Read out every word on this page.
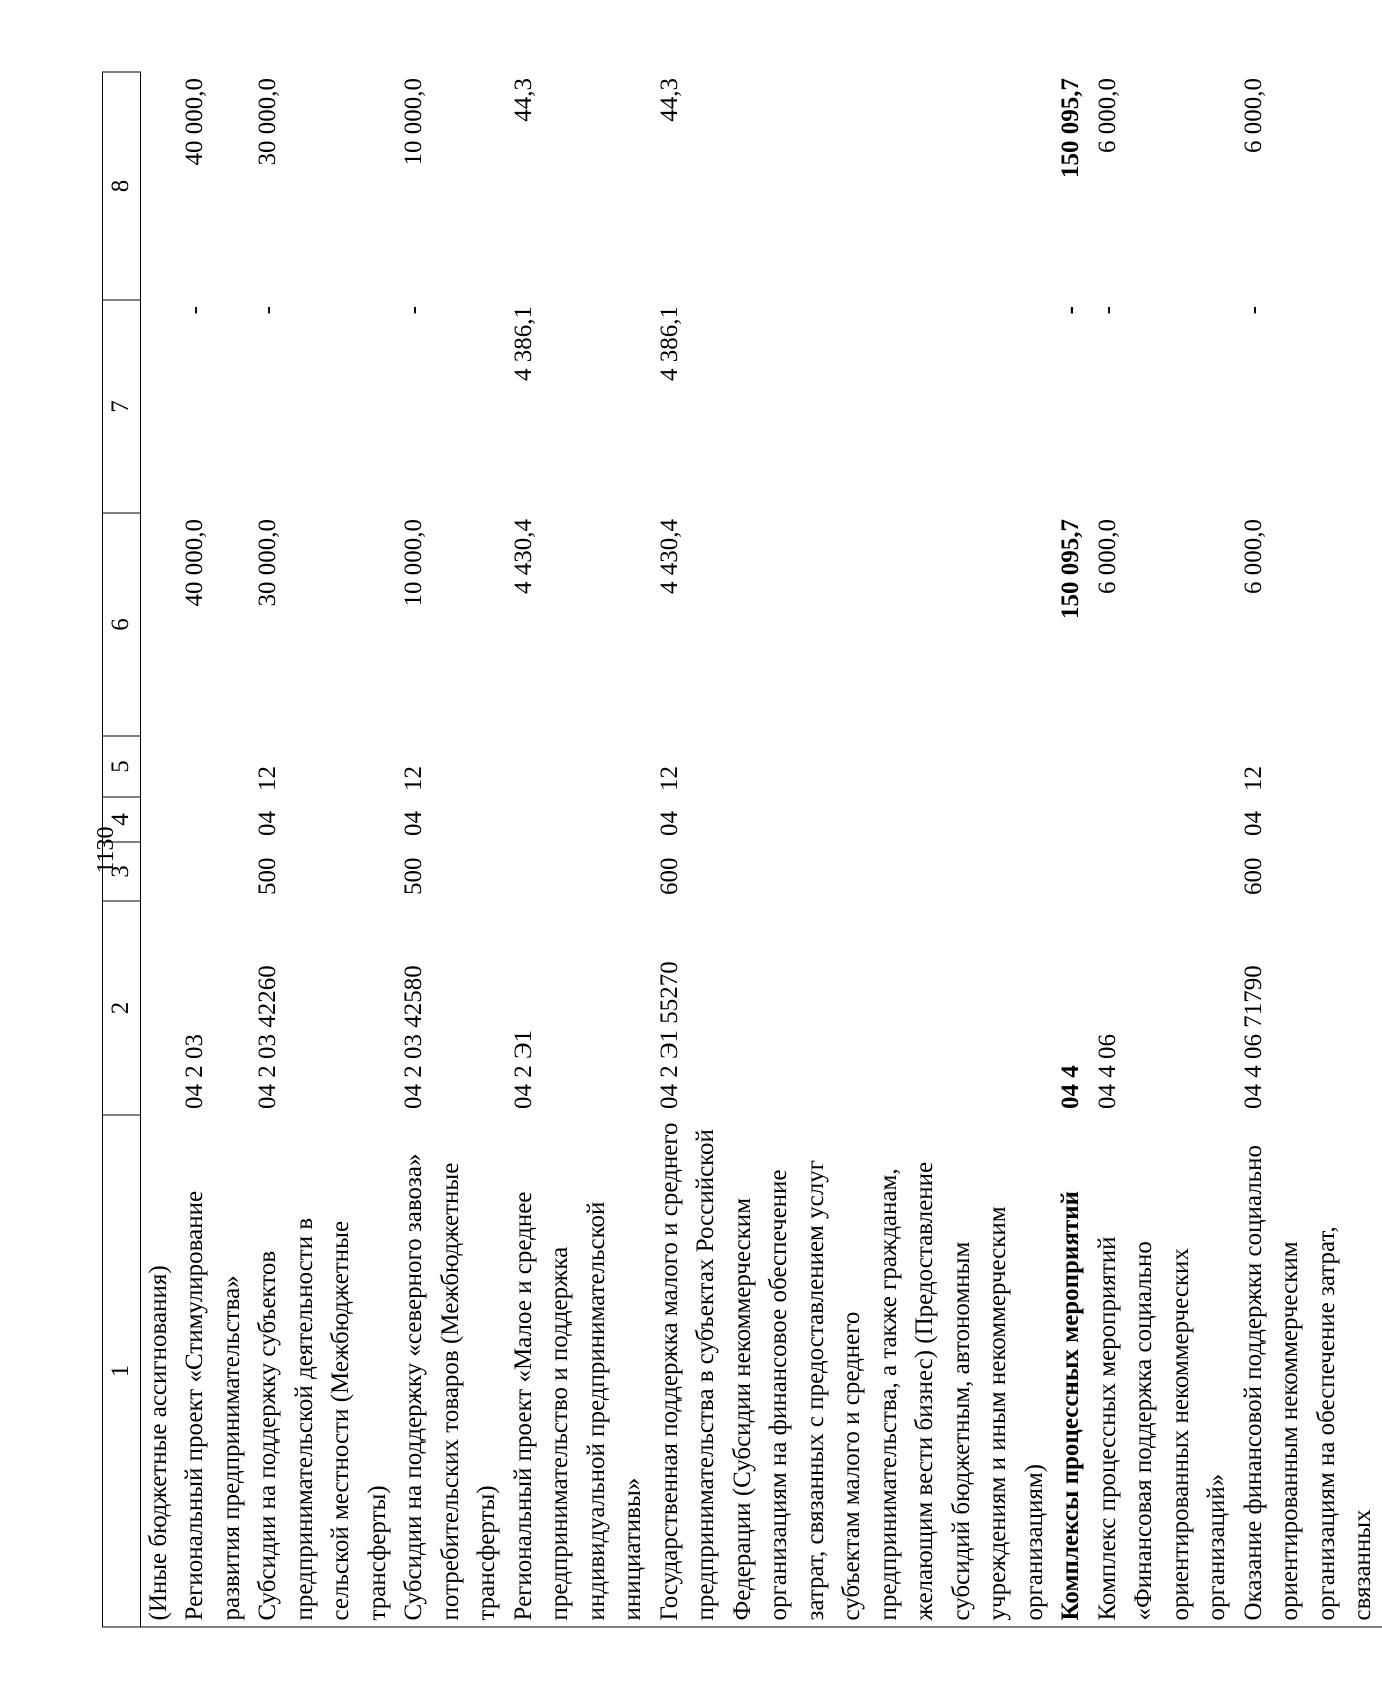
1130
1	2	3	4	5	6	7	8
(Иные бюджетные ассигнования)							
Региональный проект «Стимулирование развития предпринимательства»	04 2 03				40 000,0	-	40 000,0
Субсидии на поддержку субъектов предпринимательской деятельности в сельской местности (Межбюджетные трансферты)	04 2 03 42260	500	04	12	30 000,0	-	30 000,0
Субсидии на поддержку «северного завоза» потребительских товаров (Межбюджетные трансферты)	04 2 03 42580	500	04	12	10 000,0	-	10 000,0
Региональный проект «Малое и среднее предпринимательство и поддержка индивидуальной предпринимательской инициативы»	04 2 Э1				4 430,4	4 386,1	44,3
Государственная поддержка малого и среднего предпринимательства в субъектах Российской Федерации (Субсидии некоммерческим организациям на финансовое обеспечение затрат, связанных с предоставлением услуг субъектам малого и среднего предпринимательства, а также гражданам, желающим вести бизнес) (Предоставление субсидий бюджетным, автономным учреждениям и иным некоммерческим организациям)	04 2 Э1 55270	600	04	12	4 430,4	4 386,1	44,3
Комплексы процессных мероприятий	04 4				150 095,7	-	150 095,7
Комплекс процессных мероприятий «Финансовая поддержка социально ориентированных некоммерческих организаций»	04 4 06				6 000,0	-	6 000,0
Оказание финансовой поддержки социально ориентированным некоммерческим организациям на обеспечение затрат, связанных	04 4 06 71790	600	04	12	6 000,0	-	6 000,0
